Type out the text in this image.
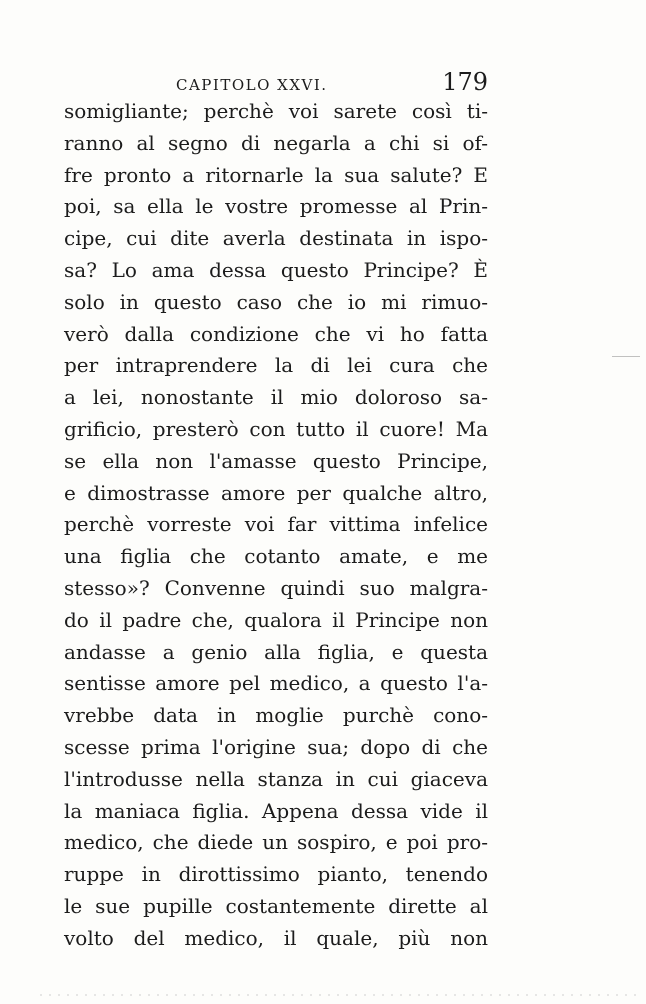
CAPITOLO XXVI.	179
somigliante; perchè voi sarete così ti-
ranno al segno di negarla a chi si of-
fre pronto a ritornarle la sua salute? E
poi, sa ella le vostre promesse al Prin-
cipe, cui dite averla destinata in ispo-
sa? Lo ama dessa questo Principe? È
solo in questo caso che io mi rimuo-
verò dalla condizione che vi ho fatta
per intraprendere la di lei cura che
a lei, nonostante il mio doloroso sa-
grificio, presterò con tutto il cuore! Ma
se ella non l'amasse questo Principe,
e dimostrasse amore per qualche altro,
perchè vorreste voi far vittima infelice
una figlia che cotanto amate, e me
stesso»? Convenne quindi suo malgra-
do il padre che, qualora il Principe non
andasse a genio alla figlia, e questa
sentisse amore pel medico, a questo l'a-
vrebbe data in moglie purchè cono-
scesse prima l'origine sua; dopo di che
l'introdusse nella stanza in cui giaceva
la maniaca figlia. Appena dessa vide il
medico, che diede un sospiro, e poi pro-
ruppe in dirottissimo pianto, tenendo
le sue pupille costantemente dirette al
volto del medico, il quale, più non
